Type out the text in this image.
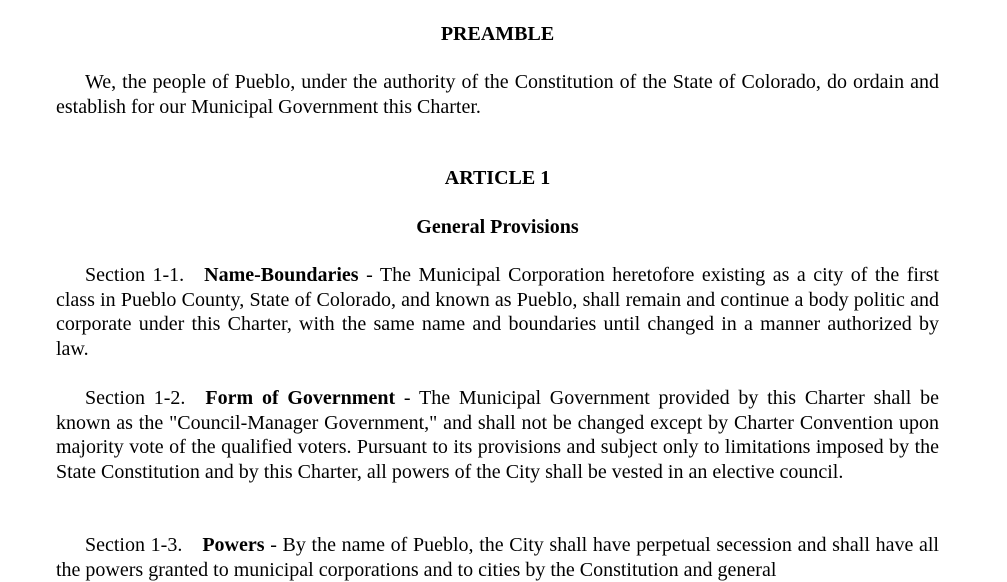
PREAMBLE
We, the people of Pueblo, under the authority of the Constitution of the State of Colorado, do ordain and establish for our Municipal Government this Charter.
ARTICLE 1
General Provisions
Section 1-1. Name-Boundaries - The Municipal Corporation heretofore existing as a city of the first class in Pueblo County, State of Colorado, and known as Pueblo, shall remain and continue a body politic and corporate under this Charter, with the same name and boundaries until changed in a manner authorized by law.
Section 1-2. Form of Government - The Municipal Government provided by this Charter shall be known as the "Council-Manager Government," and shall not be changed except by Charter Convention upon majority vote of the qualified voters. Pursuant to its provisions and subject only to limitations imposed by the State Constitution and by this Charter, all powers of the City shall be vested in an elective council.
Section 1-3. Powers - By the name of Pueblo, the City shall have perpetual secession and shall have all the powers granted to municipal corporations and to cities by the Constitution and general
